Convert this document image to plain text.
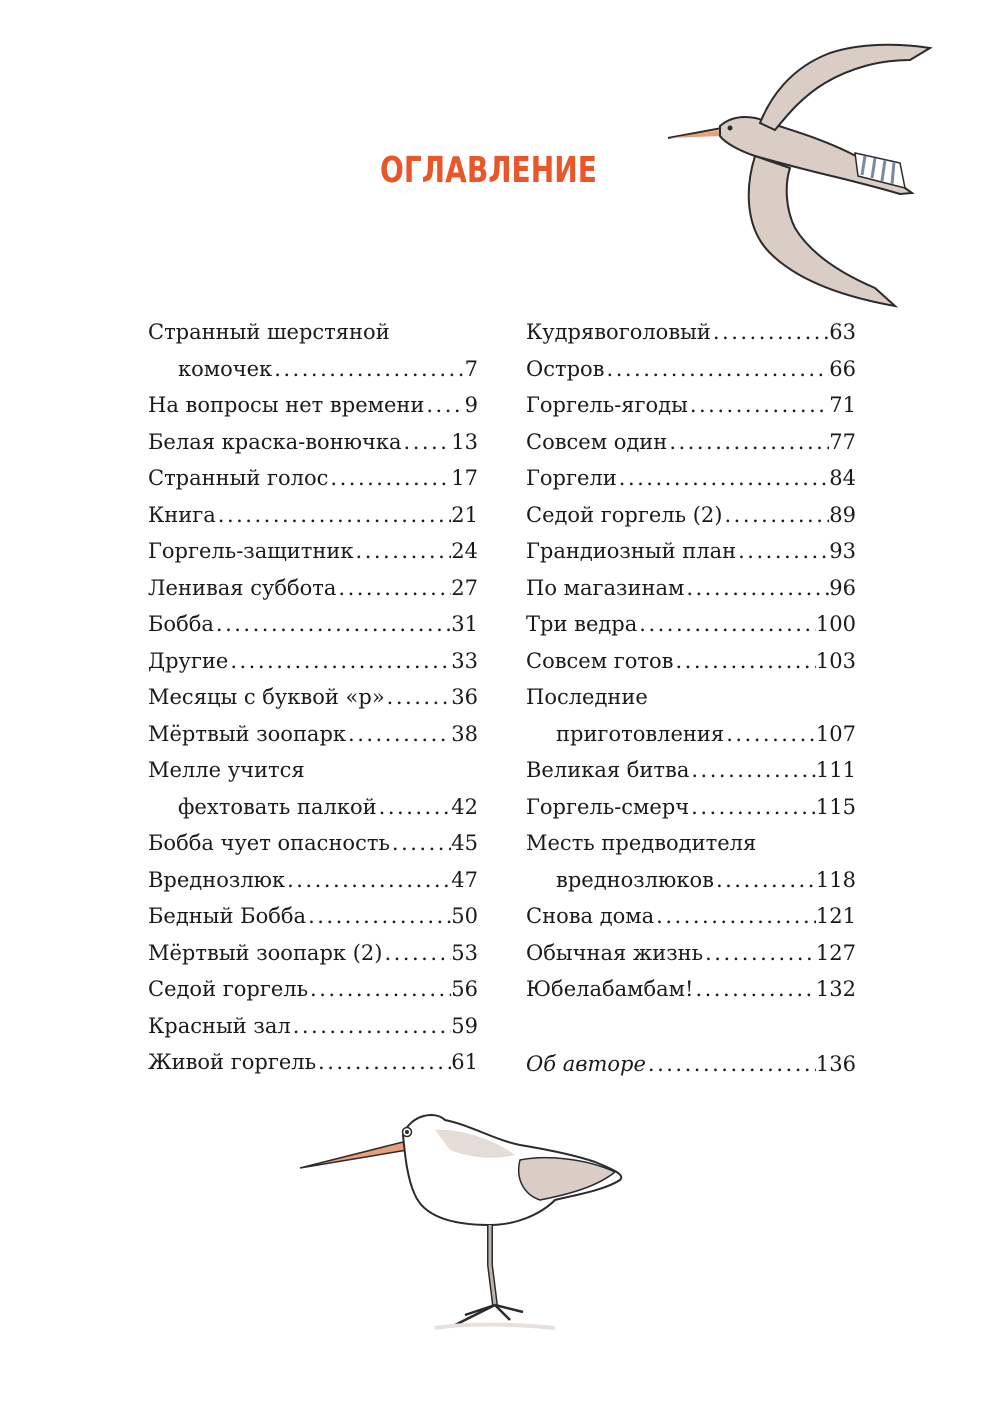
ОГЛАВЛЕНИЕ
Странный шерстяной
комочек .....	7
На вопросы нет времени ..... 9
Белая краска-вонючка ..... 13
Странный голос .....	17
Книга .....	21
Горгель-защитник .....	24
Ленивая суббота .....	27
Бобба .....	31
Другие .....	33
Месяцы с буквой «р» .....	36
Мёртвый зоопарк .....	38
Мелле учится
фехтовать палкой .....	42
Бобба чует опасность .....	45
Вреднозлюк .....	47
Бедный Бобба .....	50
Мёртвый зоопарк (2) .....	53
Седой горгель .....	56
Красный зал .....	59
Живой горгель .....	61
Кудрявоголовый .....	63
Остров .....	66
Горгель-ягоды .....	71
Совсем один .....	77
Горгели .....	84
Седой горгель (2) .....	89
Грандиозный план .....	93
По магазинам .....	96
Три ведра .....	100
Совсем готов .....	103
Последние
приготовления .....	107
Великая битва .....	111
Горгель-смерч .....	115
Месть предводителя
вреднозлюков .....	118
Снова дома .....	121
Обычная жизнь .....	127
Юбелабамбам! .....	132
Об авторе .....	136
